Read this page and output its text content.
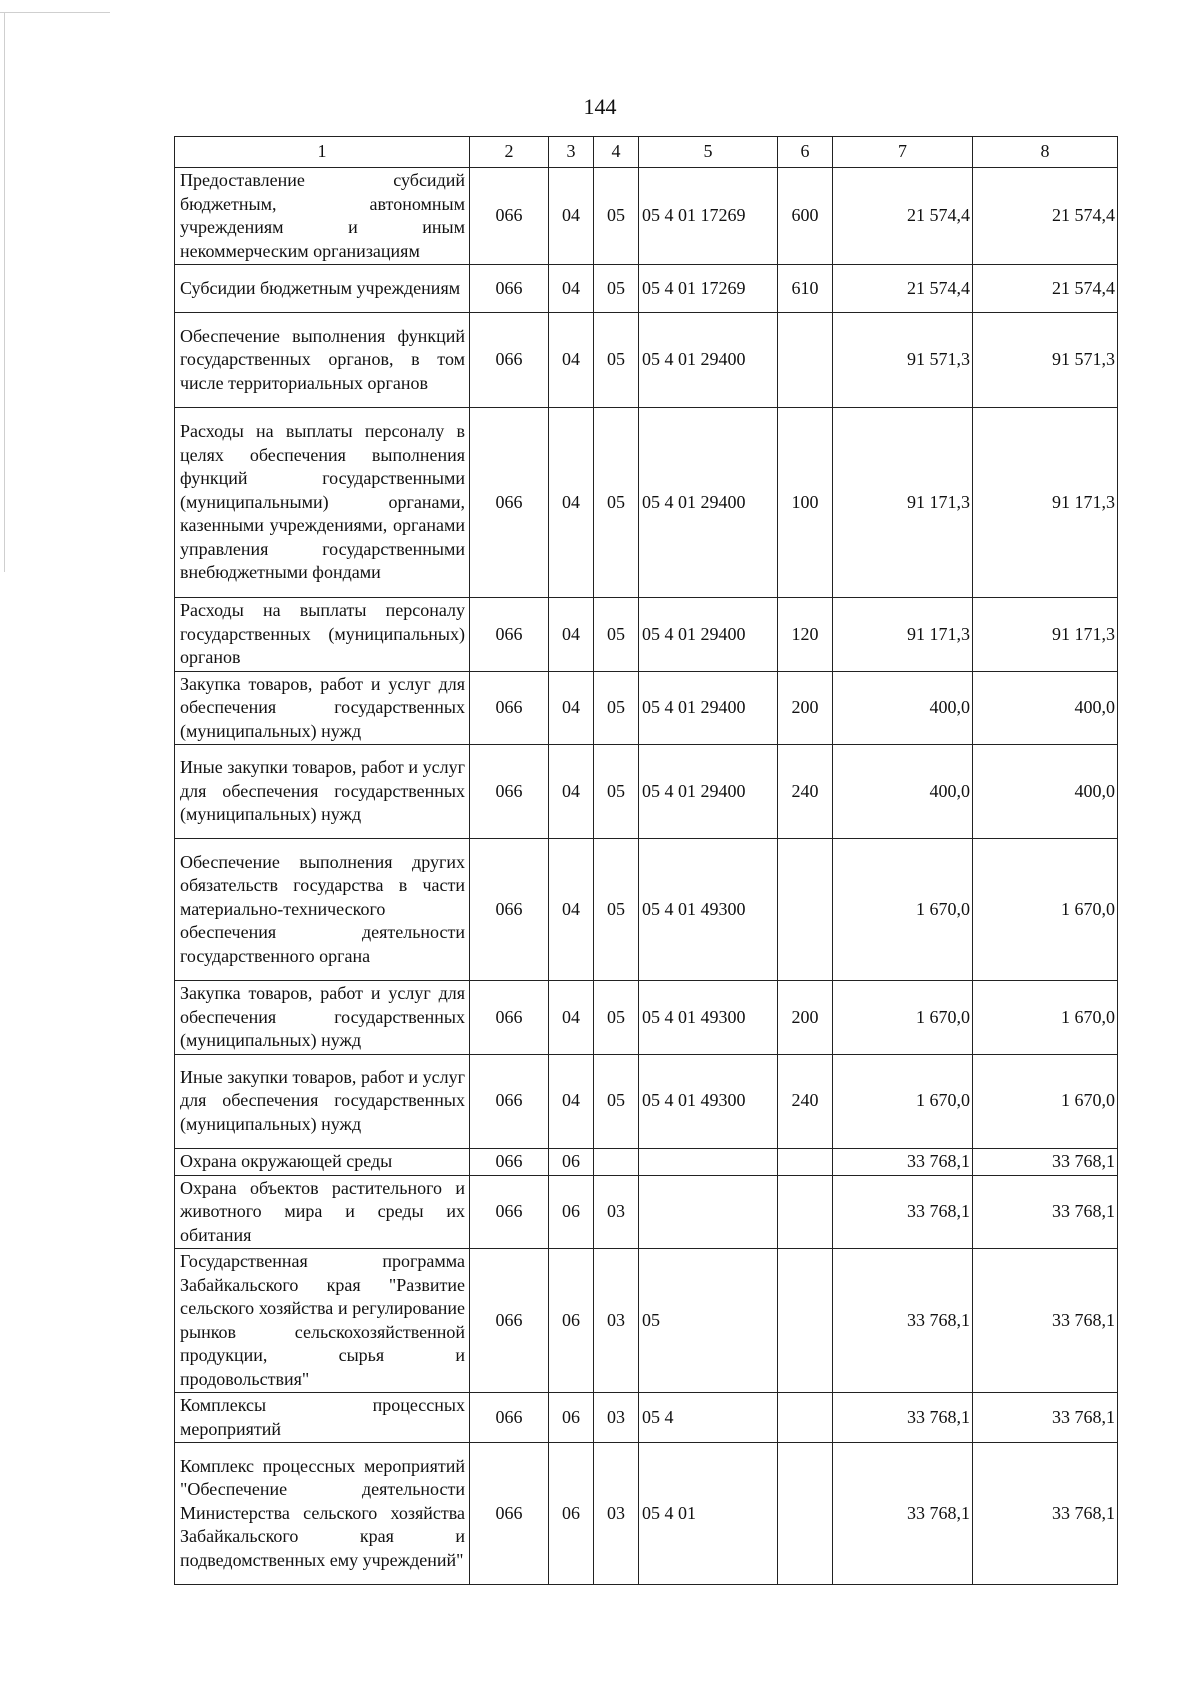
144
1	2	3	4	5	6	7	8
Предоставление субсидий бюджетным, автономным учреждениям и иным некоммерческим организациям	066	04	05	05 4 01 17269	600	21 574,4	21 574,4
Субсидии бюджетным учреждениям	066	04	05	05 4 01 17269	610	21 574,4	21 574,4
Обеспечение выполнения функций государственных органов, в том числе территориальных органов	066	04	05	05 4 01 29400		91 571,3	91 571,3
Расходы на выплаты персоналу в целях обеспечения выполнения функций государственными (муниципальными) органами, казенными учреждениями, органами управления государственными внебюджетными фондами	066	04	05	05 4 01 29400	100	91 171,3	91 171,3
Расходы на выплаты персоналу государственных (муниципальных) органов	066	04	05	05 4 01 29400	120	91 171,3	91 171,3
Закупка товаров, работ и услуг для обеспечения государственных (муниципальных) нужд	066	04	05	05 4 01 29400	200	400,0	400,0
Иные закупки товаров, работ и услуг для обеспечения государственных (муниципальных) нужд	066	04	05	05 4 01 29400	240	400,0	400,0
Обеспечение выполнения других обязательств государства в части материально-технического обеспечения деятельности государственного органа	066	04	05	05 4 01 49300		1 670,0	1 670,0
Закупка товаров, работ и услуг для обеспечения государственных (муниципальных) нужд	066	04	05	05 4 01 49300	200	1 670,0	1 670,0
Иные закупки товаров, работ и услуг для обеспечения государственных (муниципальных) нужд	066	04	05	05 4 01 49300	240	1 670,0	1 670,0
Охрана окружающей среды	066	06				33 768,1	33 768,1
Охрана объектов растительного и животного мира и среды их обитания	066	06	03			33 768,1	33 768,1
Государственная программа Забайкальского края "Развитие сельского хозяйства и регулирование рынков сельскохозяйственной продукции, сырья и продовольствия"	066	06	03	05		33 768,1	33 768,1
Комплексы процессных мероприятий	066	06	03	05 4		33 768,1	33 768,1
Комплекс процессных мероприятий "Обеспечение деятельности Министерства сельского хозяйства Забайкальского края и подведомственных ему учреждений"	066	06	03	05 4 01		33 768,1	33 768,1
